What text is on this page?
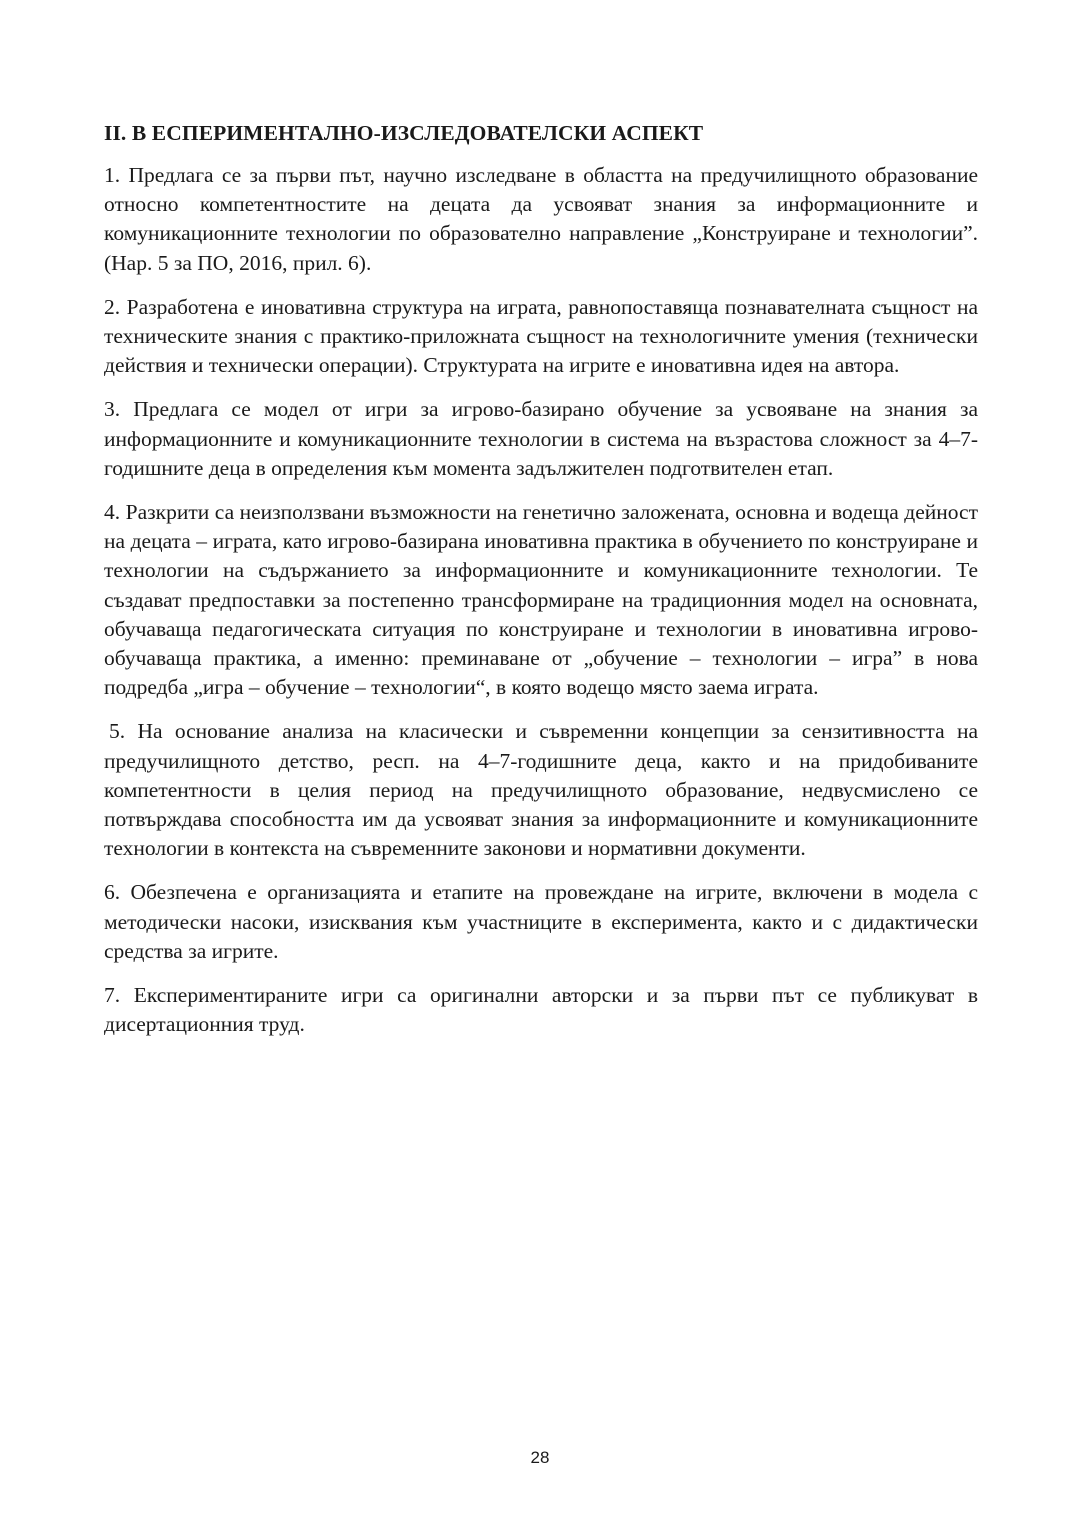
II. В ЕСПЕРИМЕНТАЛНО-ИЗСЛЕДОВАТЕЛСКИ АСПЕКТ

1. Предлага се за първи път, научно изследване в областта на предучилищното образование относно компетентностите на децата да усвояват знания за информационните и комуникационните технологии по образователно направление „Конструиране и технологии”. (Нар. 5 за ПО, 2016, прил. 6).

2. Разработена е иновативна структура на играта, равнопоставяща познавателната същност на техническите знания с практико-приложната същност на технологичните умения (технически действия и технически операции). Структурата на игрите е иновативна идея на автора.

3. Предлага се модел от игри за игрово-базирано обучение за усвояване на знания за информационните и комуникационните технологии в система на възрастова сложност за 4–7-годишните деца в определения към момента задължителен подготвителен етап.

4. Разкрити са неизползвани възможности на генетично заложената, основна и водеща дейност на децата – играта, като игрово-базирана иновативна практика в обучението по конструиране и технологии на съдържанието за информационните и комуникационните технологии. Те създават предпоставки за постепенно трансформиране на традиционния модел на основната, обучаваща педагогическата ситуация по конструиране и технологии в иновативна игрово-обучаваща практика, а именно: преминаване от „обучение – технологии – игра” в нова подредба „игра – обучение – технологии“, в която водещо място заема играта.

5. На основание анализа на класически и съвременни концепции за сензитивността на предучилищното детство, респ. на 4–7-годишните деца, както и на придобиваните компетентности в целия период на предучилищното образование, недвусмислено се потвърждава способността им да усвояват знания за информационните и комуникационните технологии в контекста на съвременните законови и нормативни документи.

6. Обезпечена е организацията и етапите на провеждане на игрите, включени в модела с методически насоки, изисквания към участниците в експеримента, както и с дидактически средства за игрите.

7. Експериментираните игри са оригинални авторски и за първи път се публикуват в дисертационния труд.

28
